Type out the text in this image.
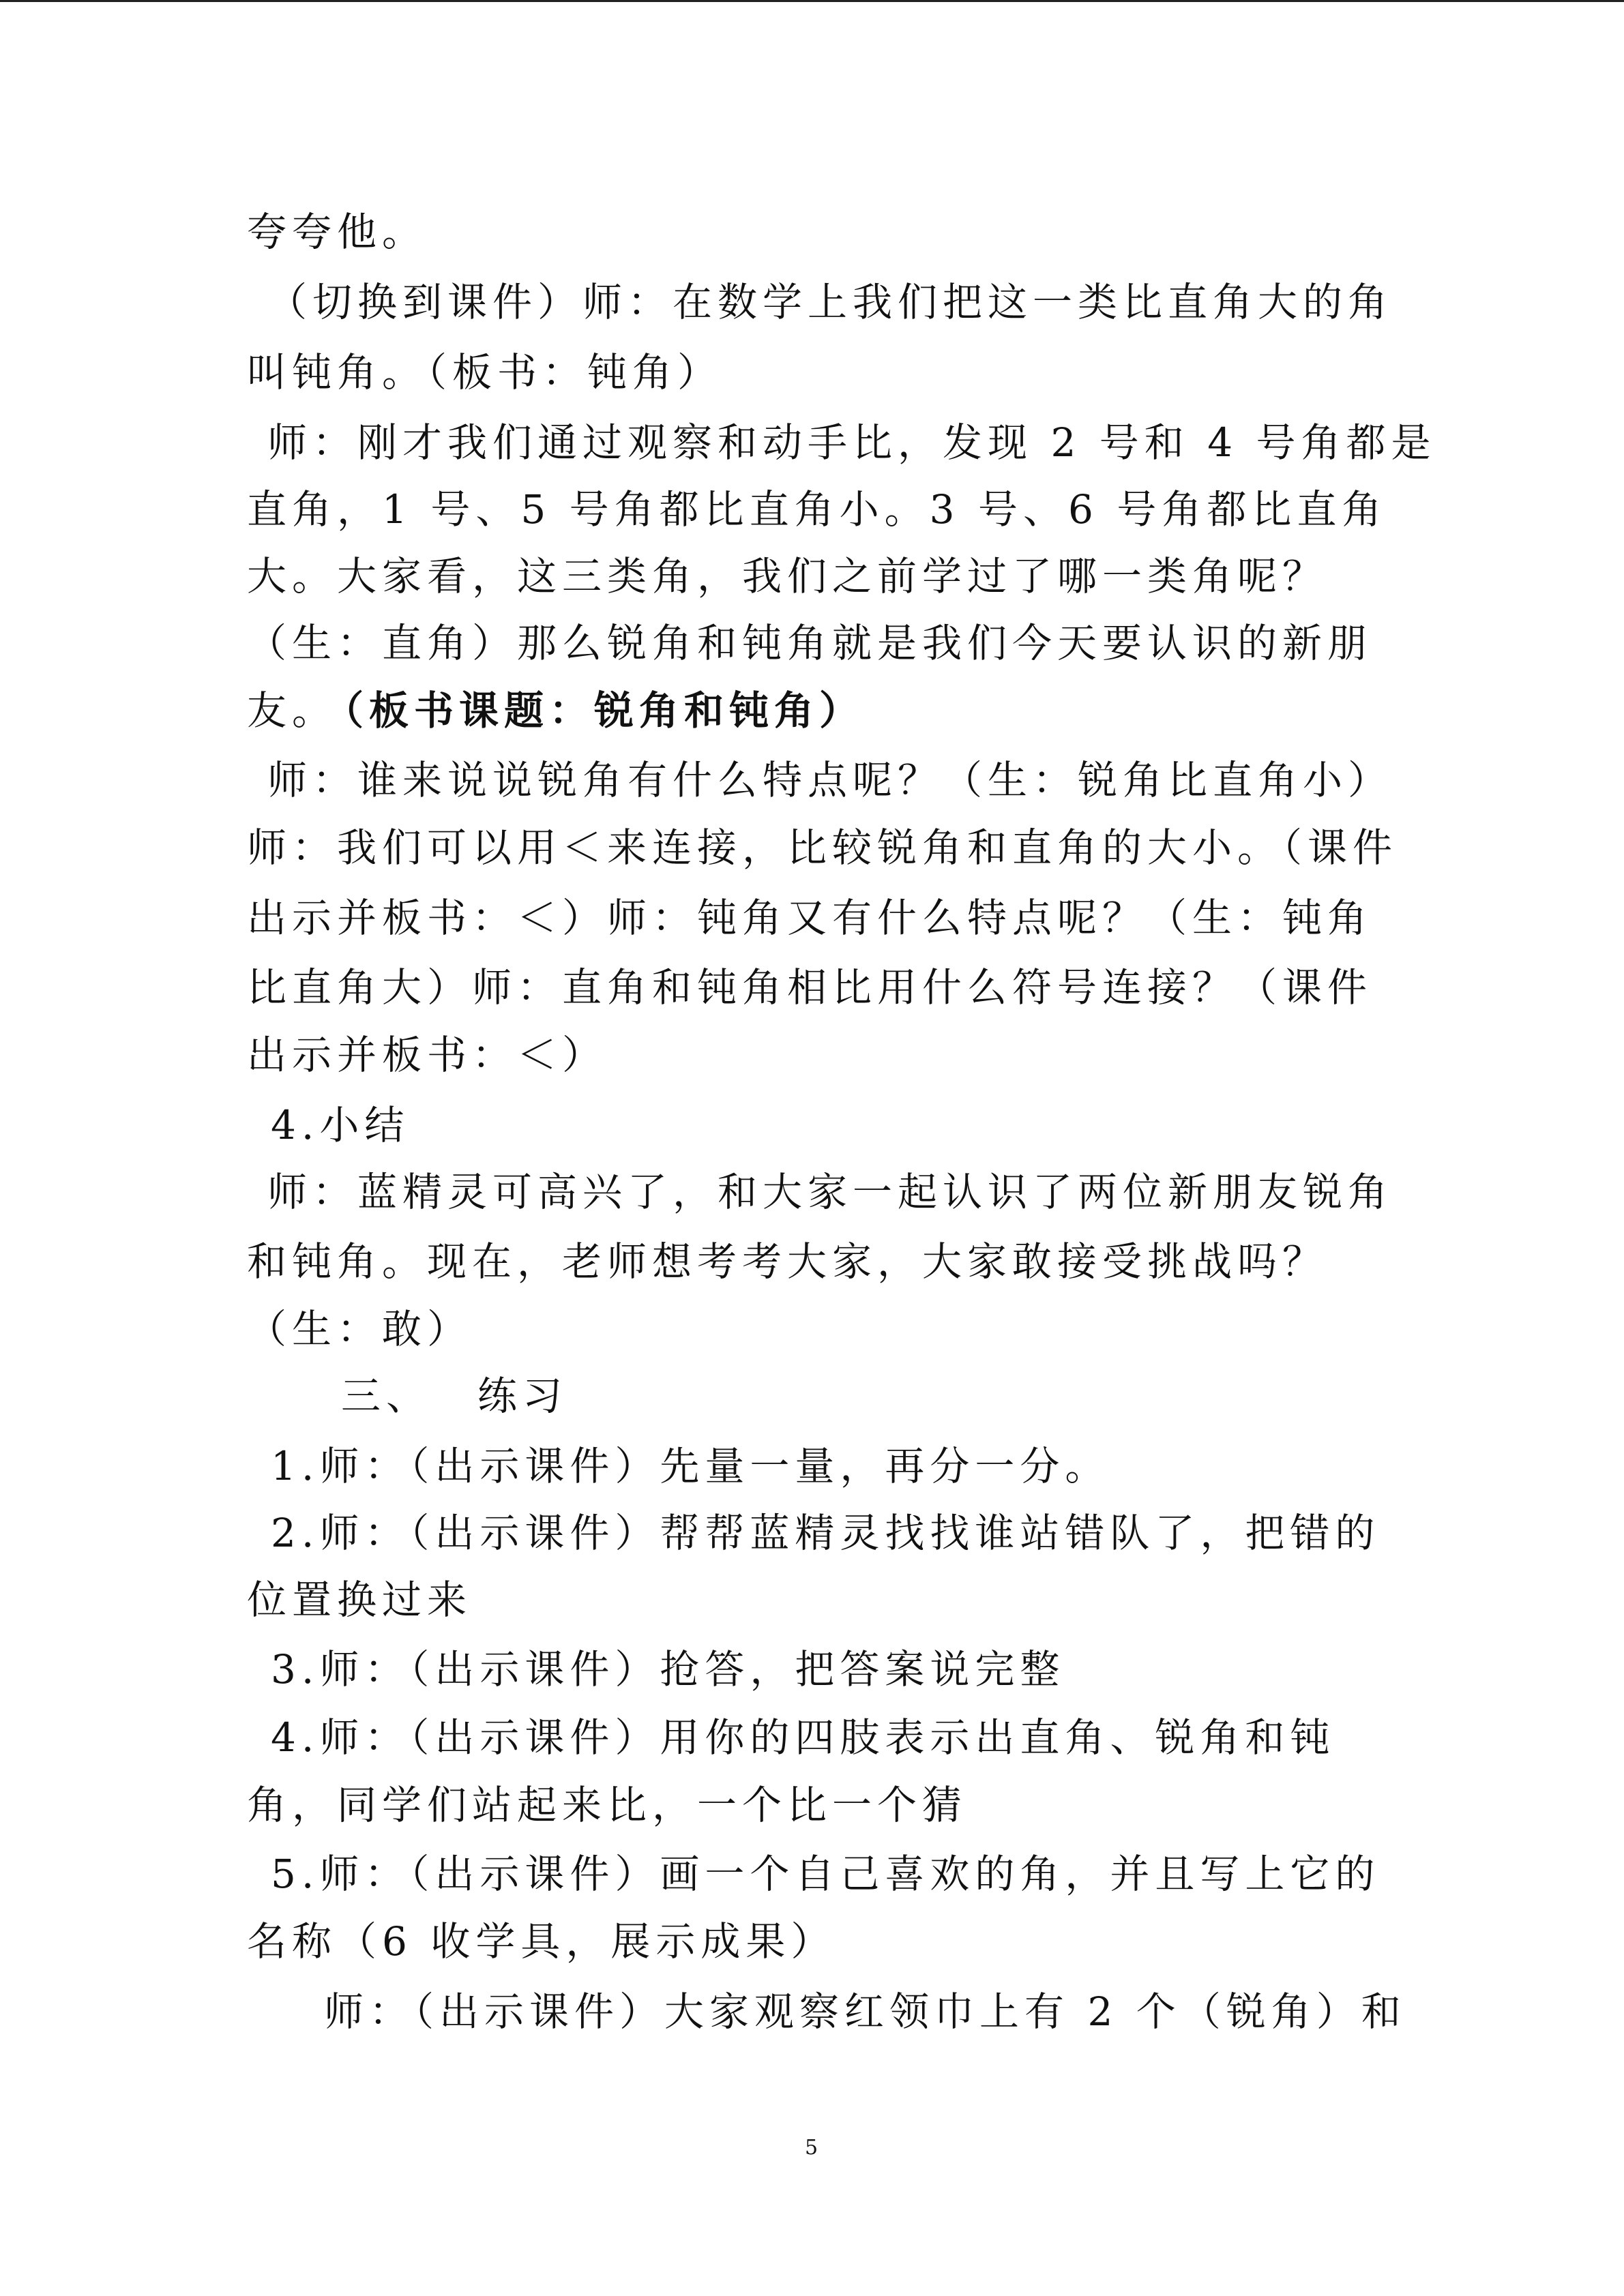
夸夸他。
（切换到课件）师：在数学上我们把这一类比直角大的角
叫钝角。（板书：钝角）
师：刚才我们通过观察和动手比，发现 2 号和 4 号角都是
直角，1 号、5 号角都比直角小。3 号、6 号角都比直角
大。大家看，这三类角，我们之前学过了哪一类角呢？
（生：直角）那么锐角和钝角就是我们今天要认识的新朋
友。
（板书课题：锐角和钝角）
师：谁来说说锐角有什么特点呢？（生：锐角比直角小）
师：我们可以用＜来连接，比较锐角和直角的大小。（课件
出示并板书：＜）师：钝角又有什么特点呢？（生：钝角
比直角大）师：直角和钝角相比用什么符号连接？（课件
出示并板书：＜）
4.小结
师：蓝精灵可高兴了，和大家一起认识了两位新朋友锐角
和钝角。现在，老师想考考大家，大家敢接受挑战吗？
（生：敢）
三、 练习
1.师：（出示课件）先量一量，再分一分。
2.师：（出示课件）帮帮蓝精灵找找谁站错队了，把错的
位置换过来
3.师：（出示课件）抢答，把答案说完整
4.师：（出示课件）用你的四肢表示出直角、锐角和钝
角，同学们站起来比，一个比一个猜
5.师：（出示课件）画一个自己喜欢的角，并且写上它的
名称（6 收学具，展示成果）
师：（出示课件）大家观察红领巾上有 2 个（锐角）和
5
